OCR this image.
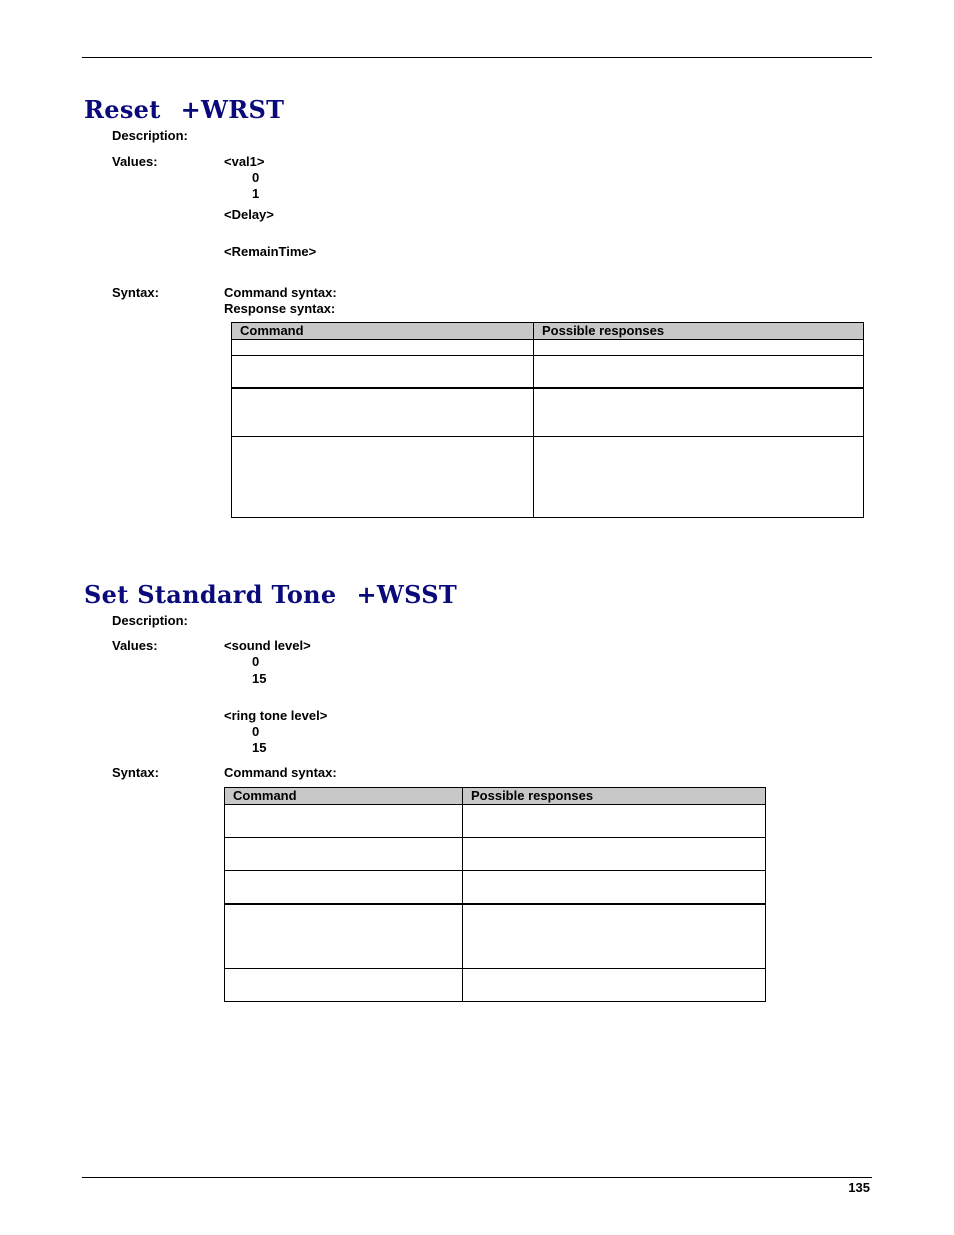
Reset +WRST
Description:
Values:	<val1>
0
1
<Delay>
<RemainTime>
Syntax:	Command syntax:
Response syntax:
Command	Possible responses

Set Standard Tone +WSST
Description:
Values:	<sound level>
0
15
<ring tone level>
0
15
Syntax:	Command syntax:
Command	Possible responses

135
